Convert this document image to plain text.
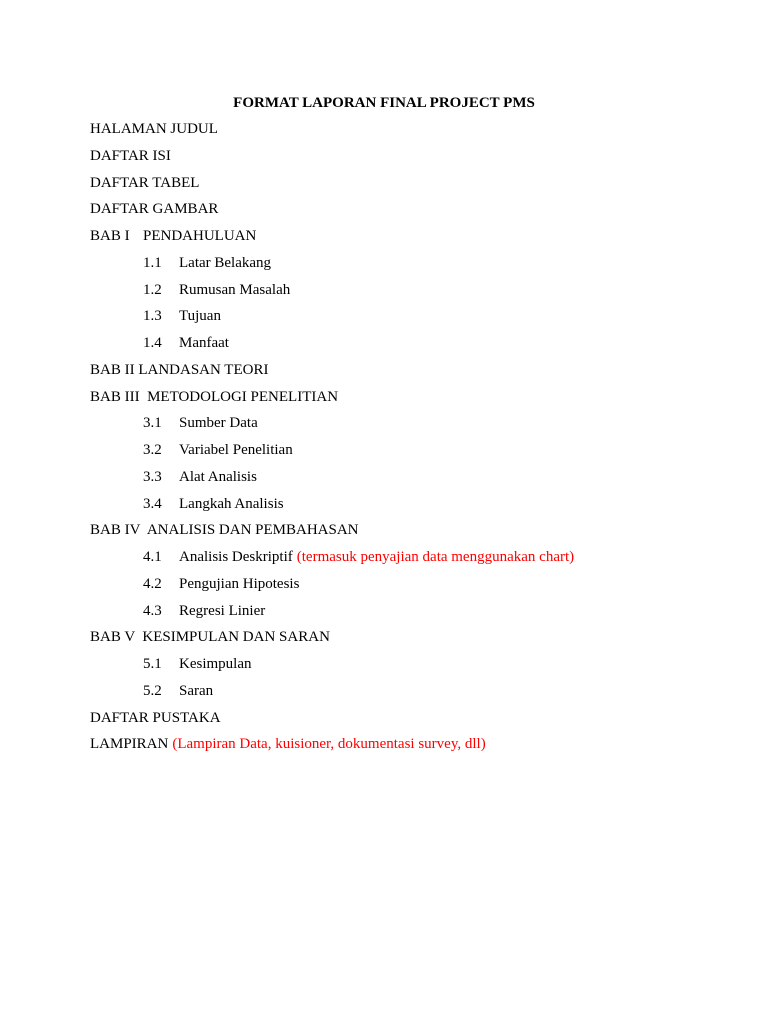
FORMAT LAPORAN FINAL PROJECT PMS
HALAMAN JUDUL
DAFTAR ISI
DAFTAR TABEL
DAFTAR GAMBAR
BAB I PENDAHULUAN
1.1	Latar Belakang
1.2	Rumusan Masalah
1.3	Tujuan
1.4	Manfaat
BAB II LANDASAN TEORI
BAB III  METODOLOGI PENELITIAN
3.1	Sumber Data
3.2	Variabel Penelitian
3.3	Alat Analisis
3.4	Langkah Analisis
BAB IV  ANALISIS DAN PEMBAHASAN
4.1	Analisis Deskriptif (termasuk penyajian data menggunakan chart)
4.2	Pengujian Hipotesis
4.3	Regresi Linier
BAB V  KESIMPULAN DAN SARAN
5.1	Kesimpulan
5.2	Saran
DAFTAR PUSTAKA
LAMPIRAN (Lampiran Data, kuisioner, dokumentasi survey, dll)
